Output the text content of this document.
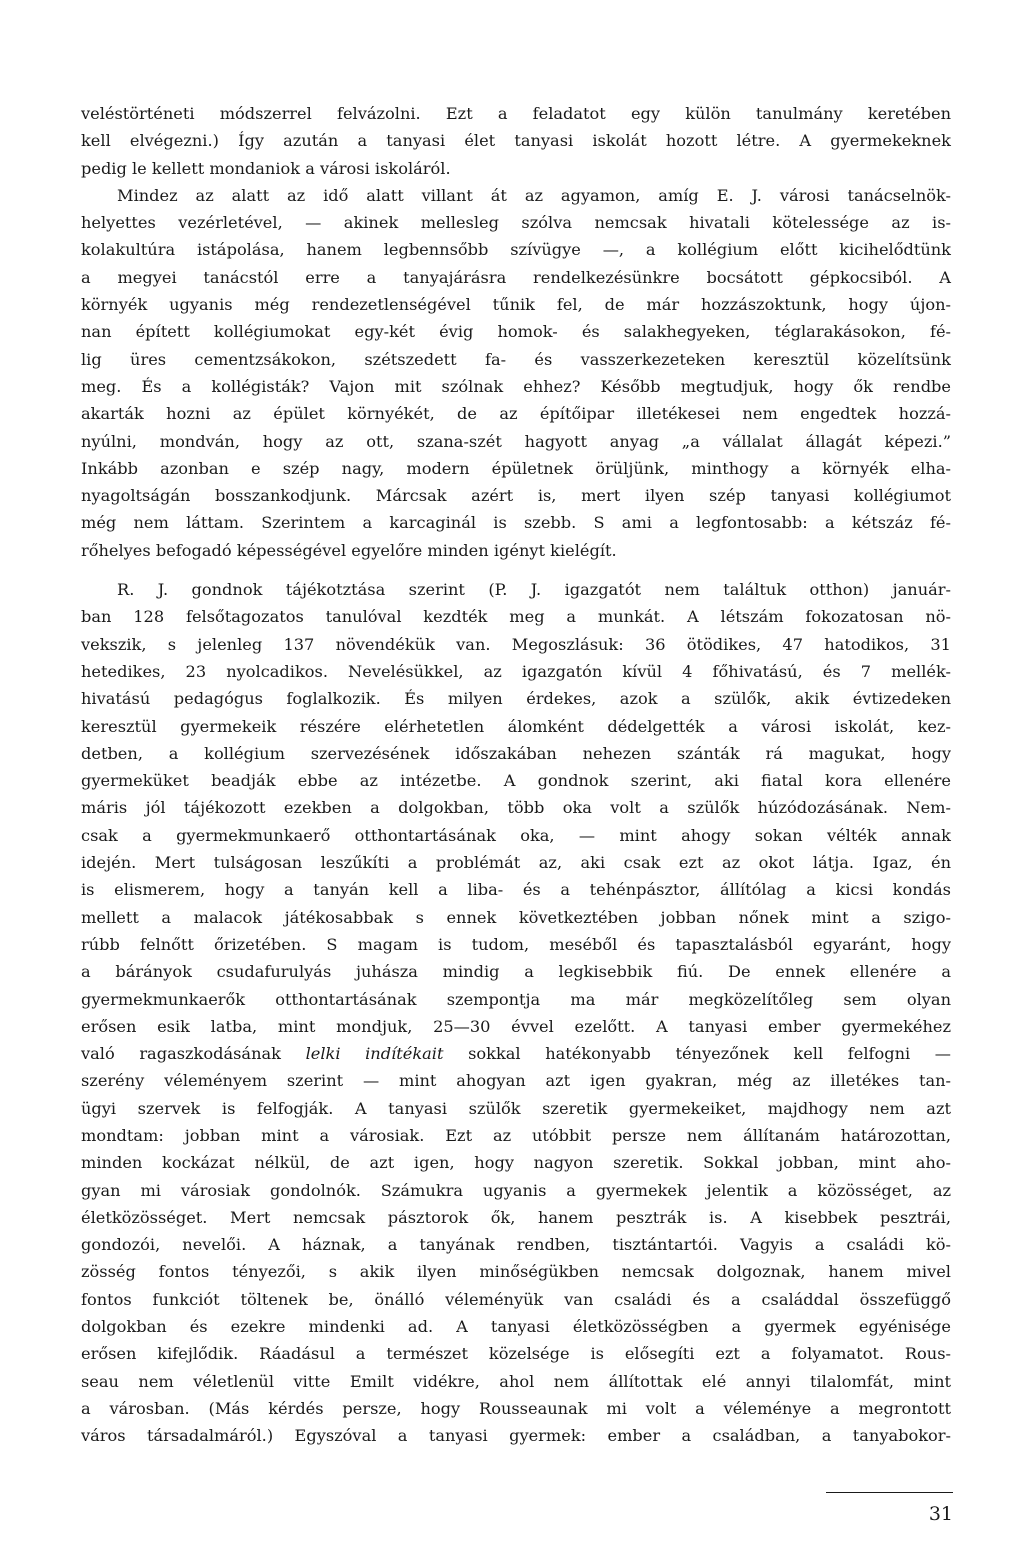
veléstörténeti módszerrel felvázolni. Ezt a feladatot egy külön tanulmány keretében
kell elvégezni.) Így azután a tanyasi élet tanyasi iskolát hozott létre. A gyermekeknek
pedig le kellett mondaniok a városi iskoláról.
Mindez az alatt az idő alatt villant át az agyamon, amíg E. J. városi tanácselnök-
helyettes vezérletével, — akinek mellesleg szólva nemcsak hivatali kötelessége az is-
kolakultúra istápolása, hanem legbennsőbb szívügye —, a kollégium előtt kicihelődtünk
a megyei tanácstól erre a tanyajárásra rendelkezésünkre bocsátott gépkocsiból. A
környék ugyanis még rendezetlenségével tűnik fel, de már hozzászoktunk, hogy újon-
nan épített kollégiumokat egy-két évig homok- és salakhegyeken, téglarakásokon, fé-
lig üres cementzsákokon, szétszedett fa- és vasszerkezeteken keresztül közelítsünk
meg. És a kollégisták? Vajon mit szólnak ehhez? Később megtudjuk, hogy ők rendbe
akarták hozni az épület környékét, de az építőipar illetékesei nem engedtek hozzá-
nyúlni, mondván, hogy az ott, szana-szét hagyott anyag „a vállalat állagát képezi.”
Inkább azonban e szép nagy, modern épületnek örüljünk, minthogy a környék elha-
nyagoltságán bosszankodjunk. Márcsak azért is, mert ilyen szép tanyasi kollégiumot
még nem láttam. Szerintem a karcaginál is szebb. S ami a legfontosabb: a kétszáz fé-
rőhelyes befogadó képességével egyelőre minden igényt kielégít.
R. J. gondnok tájékotztása szerint (P. J. igazgatót nem találtuk otthon) január-
ban 128 felsőtagozatos tanulóval kezdték meg a munkát. A létszám fokozatosan nö-
vekszik, s jelenleg 137 növendékük van. Megoszlásuk: 36 ötödikes, 47 hatodikos, 31
hetedikes, 23 nyolcadikos. Nevelésükkel, az igazgatón kívül 4 főhivatású, és 7 mellék-
hivatású pedagógus foglalkozik. És milyen érdekes, azok a szülők, akik évtizedeken
keresztül gyermekeik részére elérhetetlen álomként dédelgették a városi iskolát, kez-
detben, a kollégium szervezésének időszakában nehezen szánták rá magukat, hogy
gyermeküket beadják ebbe az intézetbe. A gondnok szerint, aki fiatal kora ellenére
máris jól tájékozott ezekben a dolgokban, több oka volt a szülők húzódozásának. Nem-
csak a gyermekmunkaerő otthontartásának oka, — mint ahogy sokan vélték annak
idején. Mert tulságosan leszűkíti a problémát az, aki csak ezt az okot látja. Igaz, én
is elismerem, hogy a tanyán kell a liba- és a tehénpásztor, állítólag a kicsi kondás
mellett a malacok játékosabbak s ennek következtében jobban nőnek mint a szigo-
rúbb felnőtt őrizetében. S magam is tudom, meséből és tapasztalásból egyaránt, hogy
a bárányok csudafurulyás juhásza mindig a legkisebbik fiú. De ennek ellenére a
gyermekmunkaerők otthontartásának szempontja ma már megközelítőleg sem olyan
erősen esik latba, mint mondjuk, 25—30 évvel ezelőtt. A tanyasi ember gyermekéhez
való ragaszkodásának lelki indítékait sokkal hatékonyabb tényezőnek kell felfogni —
szerény véleményem szerint — mint ahogyan azt igen gyakran, még az illetékes tan-
ügyi szervek is felfogják. A tanyasi szülők szeretik gyermekeiket, majdhogy nem azt
mondtam: jobban mint a városiak. Ezt az utóbbit persze nem állítanám határozottan,
minden kockázat nélkül, de azt igen, hogy nagyon szeretik. Sokkal jobban, mint aho-
gyan mi városiak gondolnók. Számukra ugyanis a gyermekek jelentik a közösséget, az
életközösséget. Mert nemcsak pásztorok ők, hanem pesztrák is. A kisebbek pesztrái,
gondozói, nevelői. A háznak, a tanyának rendben, tisztántartói. Vagyis a családi kö-
zösség fontos tényezői, s akik ilyen minőségükben nemcsak dolgoznak, hanem mivel
fontos funkciót töltenek be, önálló véleményük van családi és a családdal összefüggő
dolgokban és ezekre mindenki ad. A tanyasi életközösségben a gyermek egyénisége
erősen kifejlődik. Ráadásul a természet közelsége is elősegíti ezt a folyamatot. Rous-
seau nem véletlenül vitte Emilt vidékre, ahol nem állítottak elé annyi tilalomfát, mint
a városban. (Más kérdés persze, hogy Rousseaunak mi volt a véleménye a megrontott
város társadalmáról.) Egyszóval a tanyasi gyermek: ember a családban, a tanyabokor-
31
